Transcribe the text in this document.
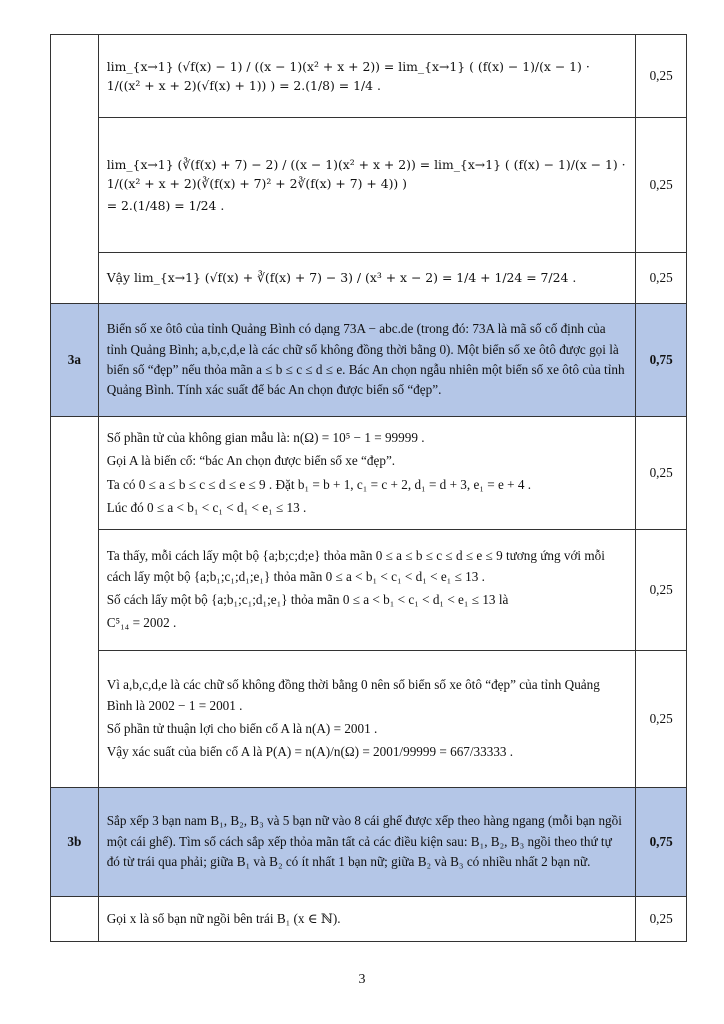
	lim_{x→1} (√f(x) − 1) / ((x − 1)(x² + x + 2)) = lim_{x→1} ( (f(x) − 1)/(x − 1) · 1/((x² + x + 2)(√f(x) + 1)) ) = 2.(1/8) = 1/4 .	0,25

	lim_{x→1} (∛(f(x) + 7) − 2) / ((x − 1)(x² + x + 2)) = lim_{x→1} ( (f(x) − 1)/(x − 1) · 1/((x² + x + 2)(∛(f(x) + 7)² + 2∛(f(x) + 7) + 4)) )
= 2.(1/48) = 1/24 .	0,25

	Vậy lim_{x→1} (√f(x) + ∛(f(x) + 7) − 3) / (x³ + x − 2) = 1/4 + 1/24 = 7/24 .	0,25
3a	Biển số xe ôtô của tỉnh Quảng Bình có dạng 73A − abc.de (trong đó: 73A là mã số cố định của tỉnh Quảng Bình; a,b,c,d,e là các chữ số không đồng thời bằng 0). Một biển số xe ôtô được gọi là biển số “đẹp” nếu thỏa mãn a ≤ b ≤ c ≤ d ≤ e. Bác An chọn ngẫu nhiên một biển số xe ôtô của tỉnh Quảng Bình. Tính xác suất để bác An chọn được biển số “đẹp”.	0,75

	Số phần tử của không gian mẫu là: n(Ω) = 10⁵ − 1 = 99999 .
Gọi A là biến cố: “bác An chọn được biển số xe “đẹp”.
Ta có 0 ≤ a ≤ b ≤ c ≤ d ≤ e ≤ 9 . Đặt b₁ = b + 1, c₁ = c + 2, d₁ = d + 3, e₁ = e + 4 .
Lúc đó 0 ≤ a < b₁ < c₁ < d₁ < e₁ ≤ 13 .	0,25

	Ta thấy, mỗi cách lấy một bộ {a;b;c;d;e} thỏa mãn 0 ≤ a ≤ b ≤ c ≤ d ≤ e ≤ 9 tương ứng với mỗi cách lấy một bộ {a;b₁;c₁;d₁;e₁} thỏa mãn 0 ≤ a < b₁ < c₁ < d₁ < e₁ ≤ 13 .
Số cách lấy một bộ {a;b₁;c₁;d₁;e₁} thỏa mãn 0 ≤ a < b₁ < c₁ < d₁ < e₁ ≤ 13 là
C⁵₁₄ = 2002 .	0,25

	Vì a,b,c,d,e là các chữ số không đồng thời bằng 0 nên số biển số xe ôtô “đẹp” của tỉnh Quảng Bình là 2002 − 1 = 2001 .
Số phần tử thuận lợi cho biến cố A là n(A) = 2001 .
Vậy xác suất của biến cố A là P(A) = n(A)/n(Ω) = 2001/99999 = 667/33333 .	0,25
3b	Sắp xếp 3 bạn nam B₁, B₂, B₃ và 5 bạn nữ vào 8 cái ghế được xếp theo hàng ngang (mỗi bạn ngồi một cái ghế). Tìm số cách sắp xếp thỏa mãn tất cả các điều kiện sau: B₁, B₂, B₃ ngồi theo thứ tự đó từ trái qua phải; giữa B₁ và B₂ có ít nhất 1 bạn nữ; giữa B₂ và B₃ có nhiều nhất 2 bạn nữ.	0,75

	Gọi x là số bạn nữ ngồi bên trái B₁ (x ∈ ℕ).	0,25
3
